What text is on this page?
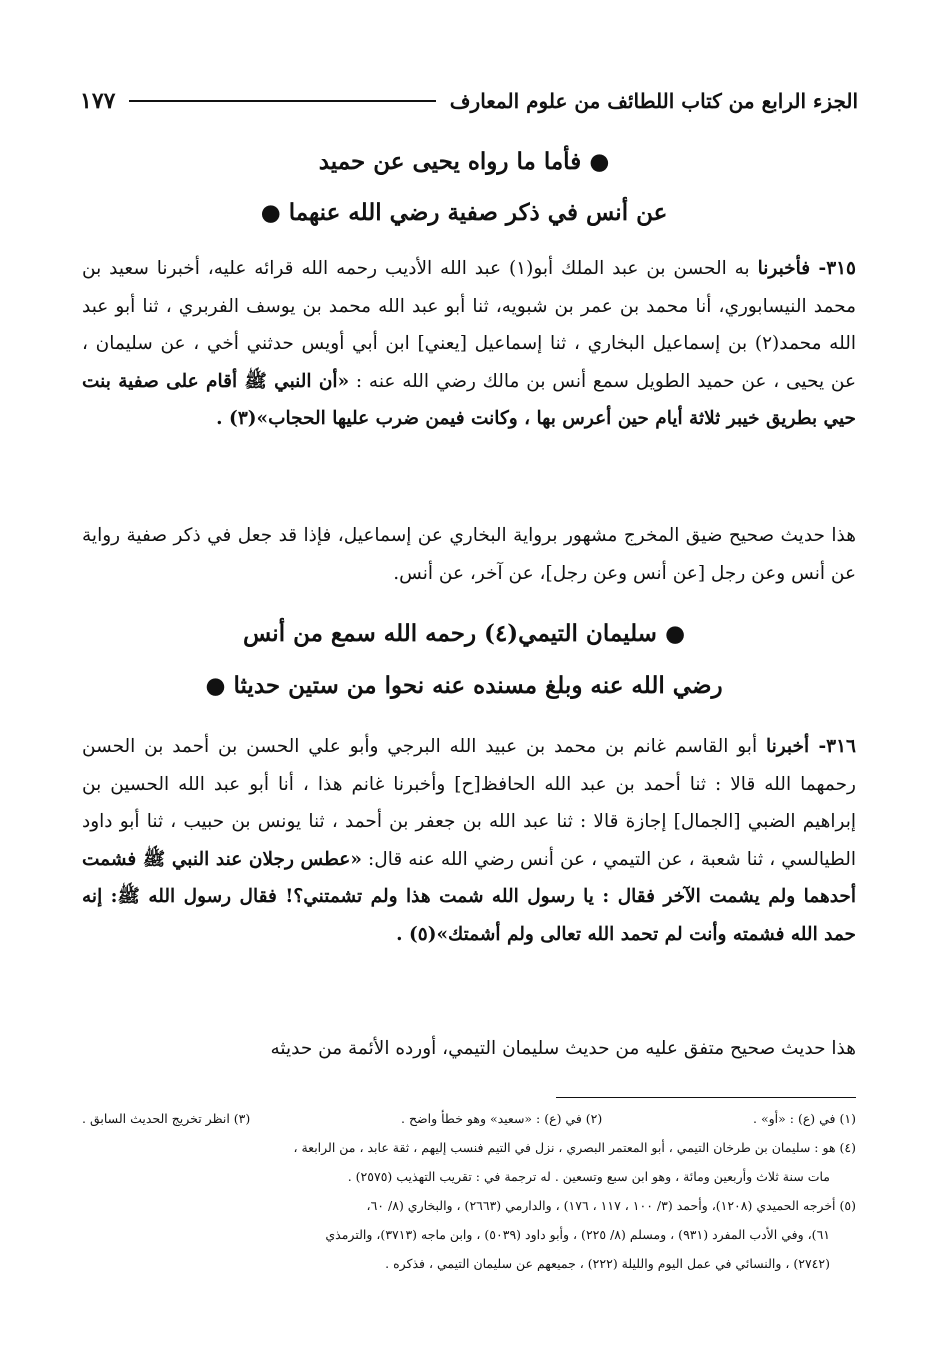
الجزء الرابع من كتاب اللطائف من علوم المعارف
١٧٧
● فأما ما رواه يحيى عن حميد
عن أنس في ذكر صفية رضي الله عنهما ●

٣١٥- فأخبرنا به الحسن بن عبد الملك أبو(١) عبد الله الأديب رحمه الله قرائه عليه، أخبرنا سعيد بن محمد النيسابوري، أنا محمد بن عمر بن شبويه، ثنا أبو عبد الله محمد بن يوسف الفربري ، ثنا أبو عبد الله محمد(٢) بن إسماعيل البخاري ، ثنا إسماعيل [يعني] ابن أبي أويس حدثني أخي ، عن سليمان ، عن يحيى ، عن حميد الطويل سمع أنس بن مالك رضي الله عنه : «أن النبي ﷺ أقام على صفية بنت حيي بطريق خيبر ثلاثة أيام حين أعرس بها ، وكانت فيمن ضرب عليها الحجاب»(٣) .

هذا حديث صحيح ضيق المخرج مشهور برواية البخاري عن إسماعيل، فإذا قد جعل في ذكر صفية رواية عن أنس وعن رجل [عن أنس وعن رجل]، عن آخر، عن أنس.

● سليمان التيمي(٤) رحمه الله سمع من أنس
رضي الله عنه وبلغ مسنده عنه نحوا من ستين حديثا ●

٣١٦- أخبرنا أبو القاسم غانم بن محمد بن عبيد الله البرجي وأبو علي الحسن بن أحمد بن الحسن رحمهما الله قالا : ثنا أحمد بن عبد الله الحافظ[ح] وأخبرنا غانم هذا ، أنا أبو عبد الله الحسين بن إبراهيم الضبي [الجمال] إجازة قالا : ثنا عبد الله بن جعفر بن أحمد ، ثنا يونس بن حبيب ، ثنا أبو داود الطيالسي ، ثنا شعبة ، عن التيمي ، عن أنس رضي الله عنه قال: «عطس رجلان عند النبي ﷺ فشمت أحدهما ولم يشمت الآخر فقال : يا رسول الله شمت هذا ولم تشمتني؟! فقال رسول الله ﷺ: إنه حمد الله فشمته وأنت لم تحمد الله تعالى ولم أشمتك»(٥) .

هذا حديث صحيح متفق عليه من حديث سليمان التيمي، أورده الأئمة من حديثه

(١) في (ع) : «أو» .
(٢) في (ع) : «سعيد» وهو خطأ واضح .
(٣) انظر تخريج الحديث السابق .

(٤) هو : سليمان بن طرخان التيمي ، أبو المعتمر البصري ، نزل في التيم فنسب إليهم ، ثقة عابد ، من الرابعة ،

مات سنة ثلاث وأربعين ومائة ، وهو ابن سبع وتسعين . له ترجمة في : تقريب التهذيب (٢٥٧٥) .

(٥) أخرجه الحميدي (١٢٠٨)، وأحمد (٣/ ١٠٠ ، ١١٧ ، ١٧٦) ، والدارمي (٢٦٦٣) ، والبخاري (٨/ ٦٠،

٦١)، وفي الأدب المفرد (٩٣١) ، ومسلم (٨/ ٢٢٥) ، وأبو داود (٥٠٣٩) ، وابن ماجه (٣٧١٣)، والترمذي

(٢٧٤٢) ، والنسائي في عمل اليوم والليلة (٢٢٢) ، جميعهم عن سليمان التيمي ، فذكره .
